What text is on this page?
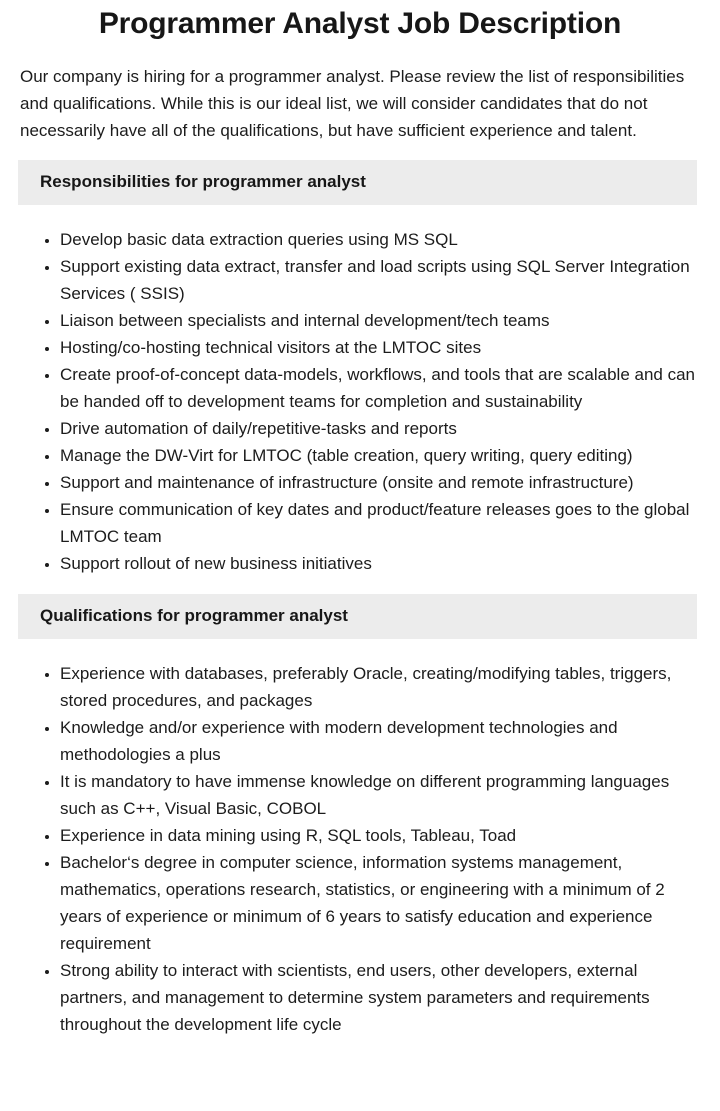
Programmer Analyst Job Description

Our company is hiring for a programmer analyst. Please review the list of responsibilities and qualifications. While this is our ideal list, we will consider candidates that do not necessarily have all of the qualifications, but have sufficient experience and talent.

Responsibilities for programmer analyst
• Develop basic data extraction queries using MS SQL
• Support existing data extract, transfer and load scripts using SQL Server Integration Services ( SSIS)
• Liaison between specialists and internal development/tech teams
• Hosting/co-hosting technical visitors at the LMTOC sites
• Create proof-of-concept data-models, workflows, and tools that are scalable and can be handed off to development teams for completion and sustainability
• Drive automation of daily/repetitive-tasks and reports
• Manage the DW-Virt for LMTOC (table creation, query writing, query editing)
• Support and maintenance of infrastructure (onsite and remote infrastructure)
• Ensure communication of key dates and product/feature releases goes to the global LMTOC team
• Support rollout of new business initiatives
Qualifications for programmer analyst
• Experience with databases, preferably Oracle, creating/modifying tables, triggers, stored procedures, and packages
• Knowledge and/or experience with modern development technologies and methodologies a plus
• It is mandatory to have immense knowledge on different programming languages such as C++, Visual Basic, COBOL
• Experience in data mining using R, SQL tools, Tableau, Toad
• Bachelor‘s degree in computer science, information systems management, mathematics, operations research, statistics, or engineering with a minimum of 2 years of experience or minimum of 6 years to satisfy education and experience requirement
• Strong ability to interact with scientists, end users, other developers, external partners, and management to determine system parameters and requirements throughout the development life cycle
